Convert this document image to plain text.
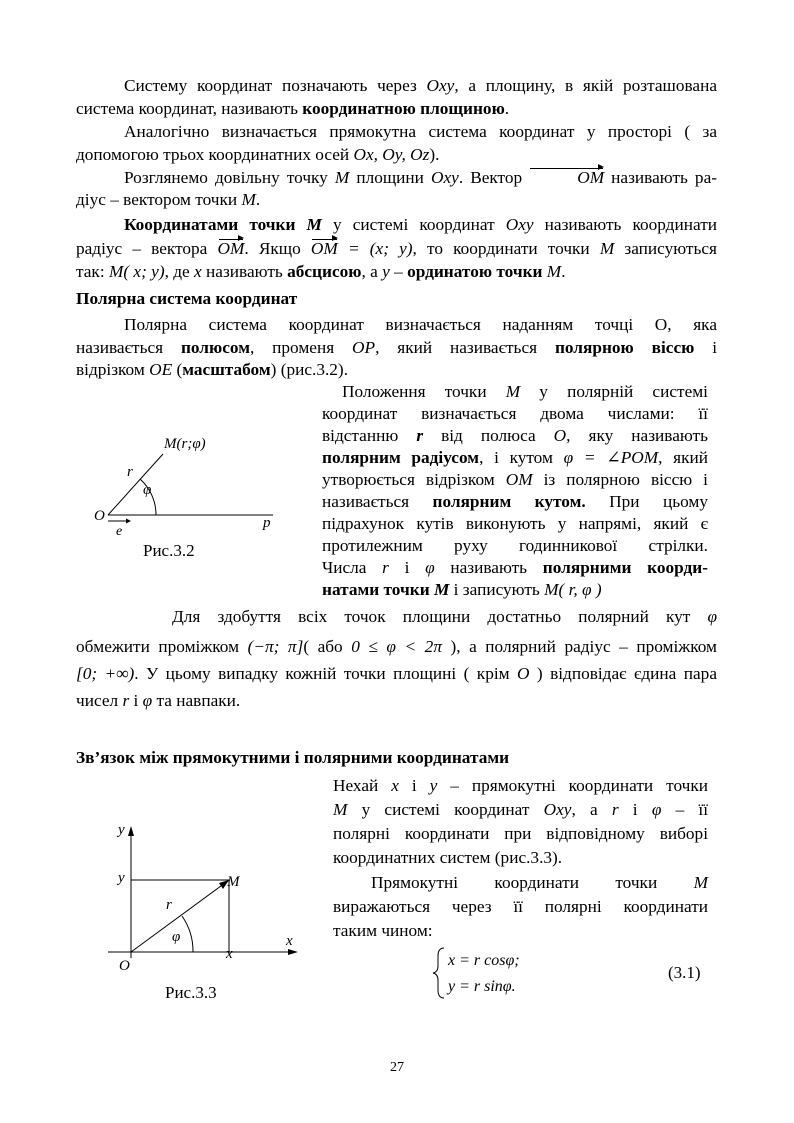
Систему координат позначають через Oxy, а площину, в якій розташована
система координат, називають координатною площиною.
Аналогічно визначається прямокутна система координат у просторі ( за
допомогою трьох координатних осей Ox, Oy, Oz).
Розглянемо довільну точку M площини Oxy. Вектор	OM називають ра-
діус – вектором точки M.
Координатами точки M у системі координат Oxy називають координати
радіус – вектора OM. Якщо OM = (x; y), то координати точки M записуються
так: M( x; y), де x називають абсцисою, а y – ординатою точки M.
Полярна система координат
Полярна система координат визначається наданням точці O, яка
називається полюсом, променя OP, який називається полярною віссю і
відрізком OE (масштабом) (рис.3.2).
Положення точки M у полярній системі
координат визначається двома числами: її
відстанню r від полюса O, яку називають
полярним радіусом, і кутом φ = ∠POM, який
утворюється відрізком OM із полярною віссю і
називається полярним кутом. При цьому
підрахунок кутів виконують у напрямі, який є
протилежним руху годинникової стрілки.
Числа r і φ називають полярними коорди-
натами точки M і записують M( r, φ )
M(r;φ)
r
φ
O
e
p
Рис.3.2
Для здобуття всіх точок площини достатньо полярний кут φ
обмежити проміжком (−π; π]( або 0 ≤ φ < 2π ), а полярний радіус – проміжком
[0; +∞). У цьому випадку кожній точки площині ( крім O ) відповідає єдина пара
чисел r і φ та навпаки.
Зв’язок між прямокутними і полярними координатами
Нехай x і y – прямокутні координати точки
M у системі координат Oxy, а r і φ – її
полярні координати при відповідному виборі
координатних систем (рис.3.3).
Прямокутні координати точки M
виражаються через її полярні координати
таким чином:
x = r cosφ;
y = r sinφ.
(3.1)
y
y	M
r
φ	x
x
O
Рис.3.3
27
